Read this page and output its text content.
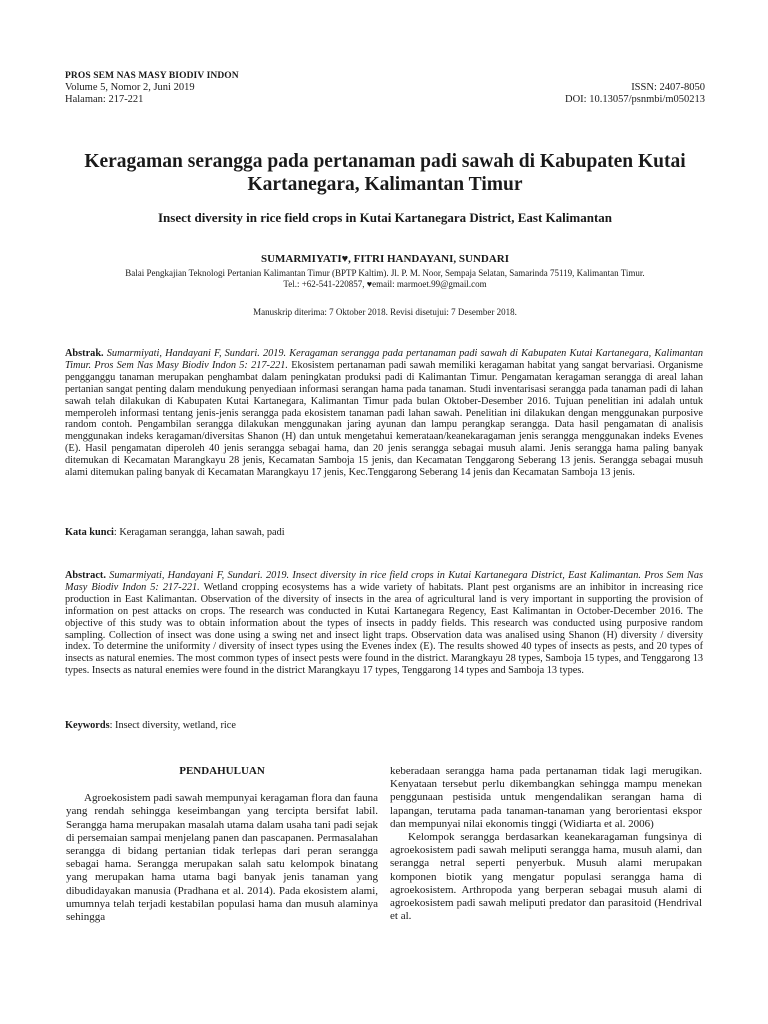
PROS SEM NAS MASY BIODIV INDON
Volume 5, Nomor 2, Juni 2019	ISSN: 2407-8050
Halaman: 217-221	DOI: 10.13057/psnmbi/m050213
Keragaman serangga pada pertanaman padi sawah di Kabupaten Kutai Kartanegara, Kalimantan Timur
Insect diversity in rice field crops in Kutai Kartanegara District, East Kalimantan
SUMARMIYATI♥, FITRI HANDAYANI, SUNDARI
Balai Pengkajian Teknologi Pertanian Kalimantan Timur (BPTP Kaltim). Jl. P. M. Noor, Sempaja Selatan, Samarinda 75119, Kalimantan Timur.
Tel.: +62-541-220857, ♥email: marmoet.99@gmail.com
Manuskrip diterima: 7 Oktober 2018. Revisi disetujui: 7 Desember 2018.
Abstrak. Sumarmiyati, Handayani F, Sundari. 2019. Keragaman serangga pada pertanaman padi sawah di Kabupaten Kutai Kartanegara, Kalimantan Timur. Pros Sem Nas Masy Biodiv Indon 5: 217-221. Ekosistem pertanaman padi sawah memiliki keragaman habitat yang sangat bervariasi. Organisme pengganggu tanaman merupakan penghambat dalam peningkatan produksi padi di Kalimantan Timur. Pengamatan keragaman serangga di areal lahan pertanian sangat penting dalam mendukung penyediaan informasi serangan hama pada tanaman. Studi inventarisasi serangga pada tanaman padi di lahan sawah telah dilakukan di Kabupaten Kutai Kartanegara, Kalimantan Timur pada bulan Oktober-Desember 2016. Tujuan penelitian ini adalah untuk memperoleh informasi tentang jenis-jenis serangga pada ekosistem tanaman padi lahan sawah. Penelitian ini dilakukan dengan menggunakan purposive random contoh. Pengambilan serangga dilakukan menggunakan jaring ayunan dan lampu perangkap serangga. Data hasil pengamatan di analisis menggunakan indeks keragaman/diversitas Shanon (H) dan untuk mengetahui kemerataan/keanekaragaman jenis serangga menggunakan indeks Evenes (E). Hasil pengamatan diperoleh 40 jenis serangga sebagai hama, dan 20 jenis serangga sebagai musuh alami. Jenis serangga hama paling banyak ditemukan di Kecamatan Marangkayu 28 jenis, Kecamatan Samboja 15 jenis, dan Kecamatan Tenggarong Seberang 13 jenis. Serangga sebagai musuh alami ditemukan paling banyak di Kecamatan Marangkayu 17 jenis, Kec.Tenggarong Seberang 14 jenis dan Kecamatan Samboja 13 jenis.
Kata kunci: Keragaman serangga, lahan sawah, padi
Abstract. Sumarmiyati, Handayani F, Sundari. 2019. Insect diversity in rice field crops in Kutai Kartanegara District, East Kalimantan. Pros Sem Nas Masy Biodiv Indon 5: 217-221. Wetland cropping ecosystems has a wide variety of habitats. Plant pest organisms are an inhibitor in increasing rice production in East Kalimantan. Observation of the diversity of insects in the area of agricultural land is very important in supporting the provision of information on pest attacks on crops. The research was conducted in Kutai Kartanegara Regency, East Kalimantan in October-December 2016. The objective of this study was to obtain information about the types of insects in paddy fields. This research was conducted using purposive random sampling. Collection of insect was done using a swing net and insect light traps. Observation data was analised using Shanon (H) diversity / diversity index. To determine the uniformity / diversity of insect types using the Evenes index (E). The results showed 40 types of insects as pests, and 20 types of insects as natural enemies. The most common types of insect pests were found in the district. Marangkayu 28 types, Samboja 15 types, and Tenggarong 13 types. Insects as natural enemies were found in the district Marangkayu 17 types, Tenggarong 14 types and Samboja 13 types.
Keywords: Insect diversity, wetland, rice
PENDAHULUAN

Agroekosistem padi sawah mempunyai keragaman flora dan fauna yang rendah sehingga keseimbangan yang tercipta bersifat labil. Serangga hama merupakan masalah utama dalam usaha tani padi sejak di persemaian sampai menjelang panen dan pascapanen. Permasalahan serangga di bidang pertanian tidak terlepas dari peran serangga sebagai hama. Serangga merupakan salah satu kelompok binatang yang merupakan hama utama bagi banyak jenis tanaman yang dibudidayakan manusia (Pradhana et al. 2014). Pada ekosistem alami, umumnya telah terjadi kestabilan populasi hama dan musuh alaminya sehingga

keberadaan serangga hama pada pertanaman tidak lagi merugikan. Kenyataan tersebut perlu dikembangkan sehingga mampu menekan penggunaan pestisida untuk mengendalikan serangan hama di lapangan, terutama pada tanaman-tanaman yang berorientasi ekspor dan mempunyai nilai ekonomis tinggi (Widiarta et al. 2006)

Kelompok serangga berdasarkan keanekaragaman fungsinya di agroekosistem padi sawah meliputi serangga hama, musuh alami, dan serangga netral seperti penyerbuk. Musuh alami merupakan komponen biotik yang mengatur populasi serangga hama di agroekosistem. Arthropoda yang berperan sebagai musuh alami di agroekosistem padi sawah meliputi predator dan parasitoid (Hendrival et al.
